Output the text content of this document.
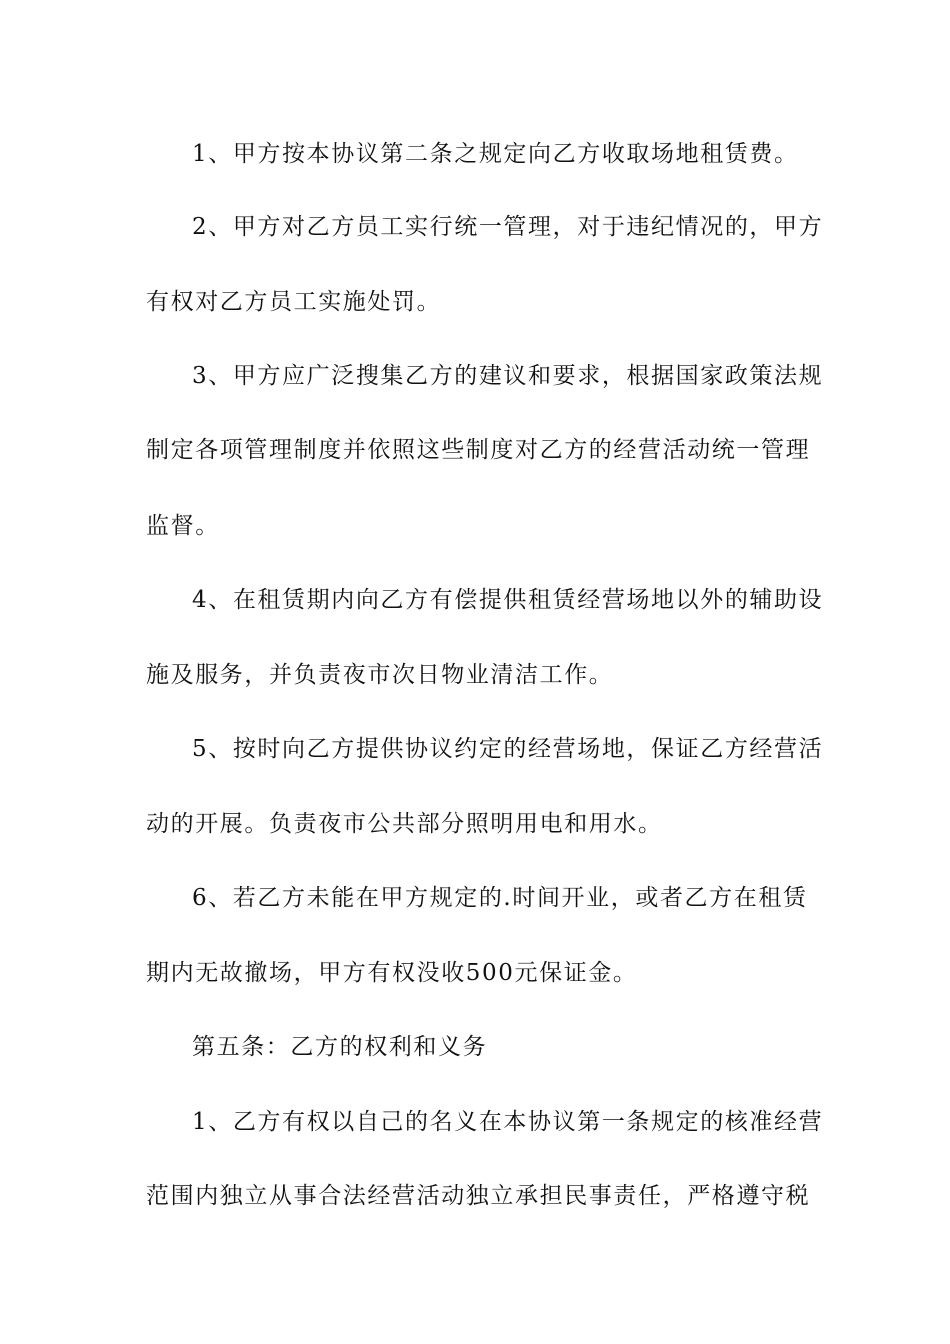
1、甲方按本协议第二条之规定向乙方收取场地租赁费。
2、甲方对乙方员工实行统一管理，对于违纪情况的，甲方
有权对乙方员工实施处罚。
3、甲方应广泛搜集乙方的建议和要求，根据国家政策法规
制定各项管理制度并依照这些制度对乙方的经营活动统一管理
监督。
4、在租赁期内向乙方有偿提供租赁经营场地以外的辅助设
施及服务，并负责夜市次日物业清洁工作。
5、按时向乙方提供协议约定的经营场地，保证乙方经营活
动的开展。负责夜市公共部分照明用电和用水。
6、若乙方未能在甲方规定的.时间开业，或者乙方在租赁
期内无故撤场，甲方有权没收500元保证金。
第五条：乙方的权利和义务
1、乙方有权以自己的名义在本协议第一条规定的核准经营
范围内独立从事合法经营活动独立承担民事责任，严格遵守税
